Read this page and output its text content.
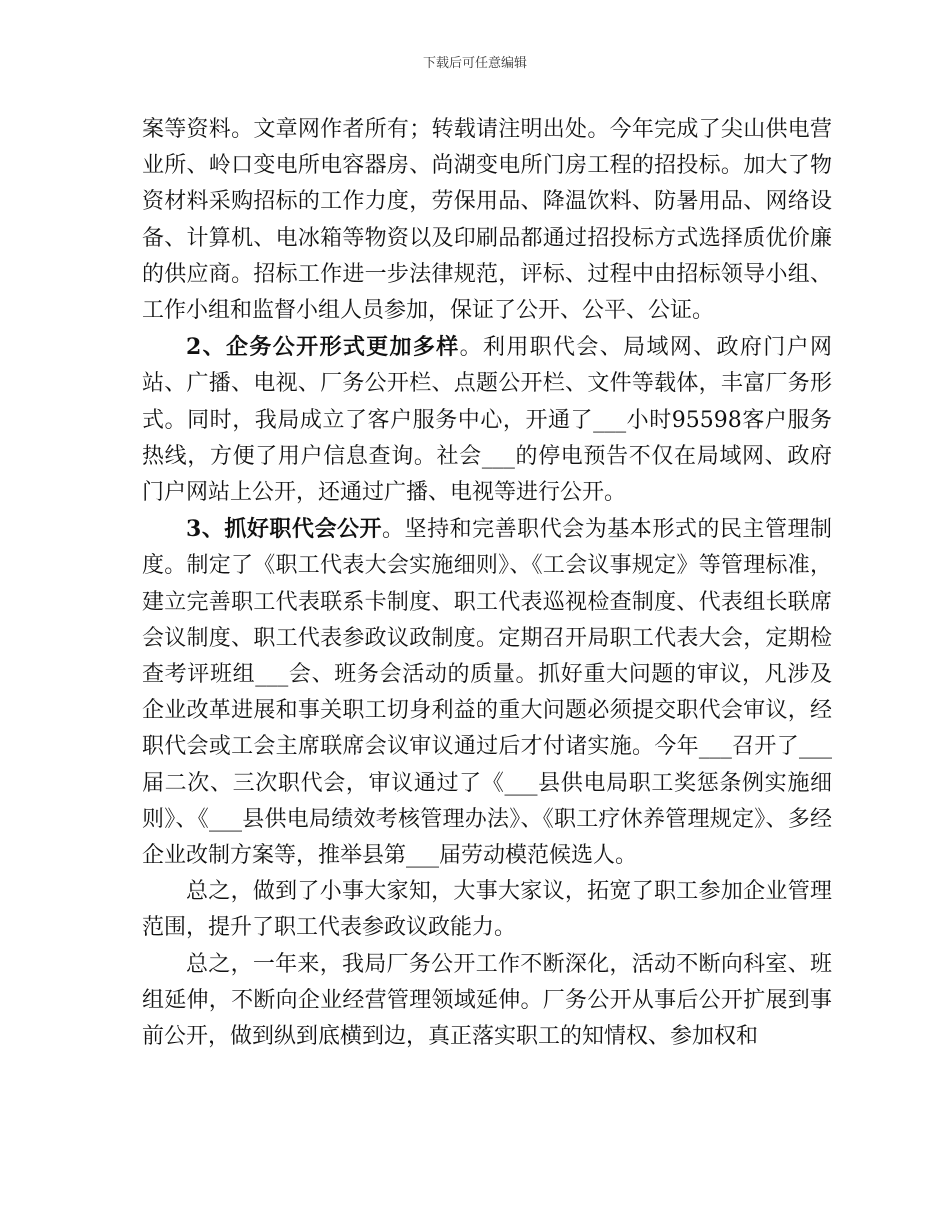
下载后可任意编辑

案等资料。文章网作者所有；转载请注明出处。今年完成了尖山供电营业所、岭口变电所电容器房、尚湖变电所门房工程的招投标。加大了物资材料采购招标的工作力度，劳保用品、降温饮料、防暑用品、网络设备、计算机、电冰箱等物资以及印刷品都通过招投标方式选择质优价廉的供应商。招标工作进一步法律规范，评标、过程中由招标领导小组、工作小组和监督小组人员参加，保证了公开、公平、公证。

2、企务公开形式更加多样。利用职代会、局域网、政府门户网站、广播、电视、厂务公开栏、点题公开栏、文件等载体，丰富厂务形式。同时，我局成立了客户服务中心，开通了___小时95598客户服务热线，方便了用户信息查询。社会___的停电预告不仅在局域网、政府门户网站上公开，还通过广播、电视等进行公开。

3、抓好职代会公开。坚持和完善职代会为基本形式的民主管理制度。制定了《职工代表大会实施细则》、《工会议事规定》等管理标准，建立完善职工代表联系卡制度、职工代表巡视检查制度、代表组长联席会议制度、职工代表参政议政制度。定期召开局职工代表大会，定期检查考评班组___会、班务会活动的质量。抓好重大问题的审议，凡涉及企业改革进展和事关职工切身利益的重大问题必须提交职代会审议，经职代会或工会主席联席会议审议通过后才付诸实施。今年___召开了___届二次、三次职代会，审议通过了《___县供电局职工奖惩条例实施细则》、《___县供电局绩效考核管理办法》、《职工疗休养管理规定》、多经企业改制方案等，推举县第___届劳动模范候选人。

总之，做到了小事大家知，大事大家议，拓宽了职工参加企业管理范围，提升了职工代表参政议政能力。

总之，一年来，我局厂务公开工作不断深化，活动不断向科室、班组延伸，不断向企业经营管理领域延伸。厂务公开从事后公开扩展到事前公开，做到纵到底横到边，真正落实职工的知情权、参加权和
